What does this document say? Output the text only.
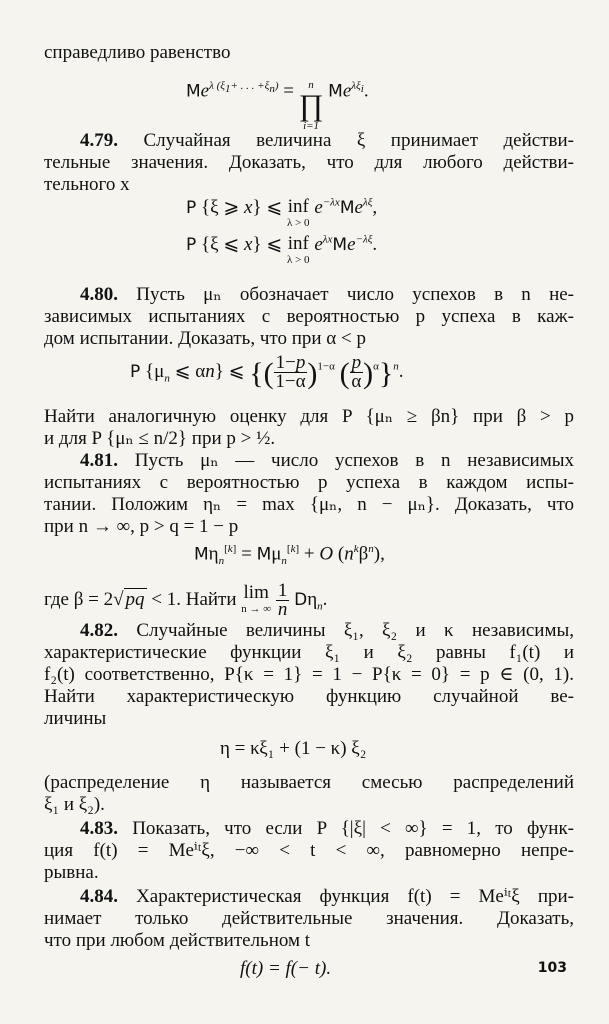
справедливо равенство
$Me^{\lambda (\xi_1+ . . . +\xi_n)} = n$
∏
i=1
$Me^{\lambda\xi_i}$.
4.79. Случайная величина ξ принимает действи-
тельные значения. Доказать, что для любого действи-
тельного x
P {ξ ⩾ x} ⩽ inf
λ > 0
$e^{-\lambda x}Me^{\lambda\xi}$,
P {ξ ⩽ x} ⩽ inf
λ > 0
$e^{\lambda x}Me^{-\lambda\xi}$.
4.80. Пусть μₙ обозначает число успехов в n не-
зависимых испытаниях с вероятностью p успеха в каж-
дом испытании. Доказать, что при α < p
P {$\mu_n$ ⩽ αn} ⩽ {( $\frac{1-p}{1-\alpha} )^{1-\alpha}$ ( $\frac{p}{\alpha} )^\alpha\}^n$.
Найти аналогичную оценку для P {μₙ ≥ βn} при β > p
и для P {μₙ ≤ n/2} при p > ½.
4.81. Пусть μₙ — число успехов в n независимых
испытаниях с вероятностью p успеха в каждом испы-
тании. Положим ηₙ = max {μₙ, n − μₙ}. Доказать, что
при n → ∞, p > q = 1 − p
$M\eta_n[k] = M\mu_n[k] + O$ $(n^k\beta^n)$,
где β = 2√ pq < 1. Найти lim
n → ∞
$\frac{1}{n} D\eta_n$.
4.82. Случайные величины ξ₁, ξ₂ и κ независимы,
характеристические функции ξ₁ и ξ₂ равны f₁(t) и
f₂(t) соответственно, P{κ = 1} = 1 − P{κ = 0} = p ∈ (0, 1).
Найти характеристическую функцию случайной ве-
личины
η = κξ₁ + (1 − κ) ξ₂
(распределение η называется смесью распределений
ξ₁ и ξ₂).
4.83. Показать, что если P {|ξ| < ∞} = 1, то функ-
ция f(t) = Meⁱᵗξ, −∞ < t < ∞, равномерно непре-
рывна.
4.84. Характеристическая функция f(t) = Meⁱᵗξ при-
нимает только действительные значения. Доказать,
что при любом действительном t
f(t) = f(− t).	103
